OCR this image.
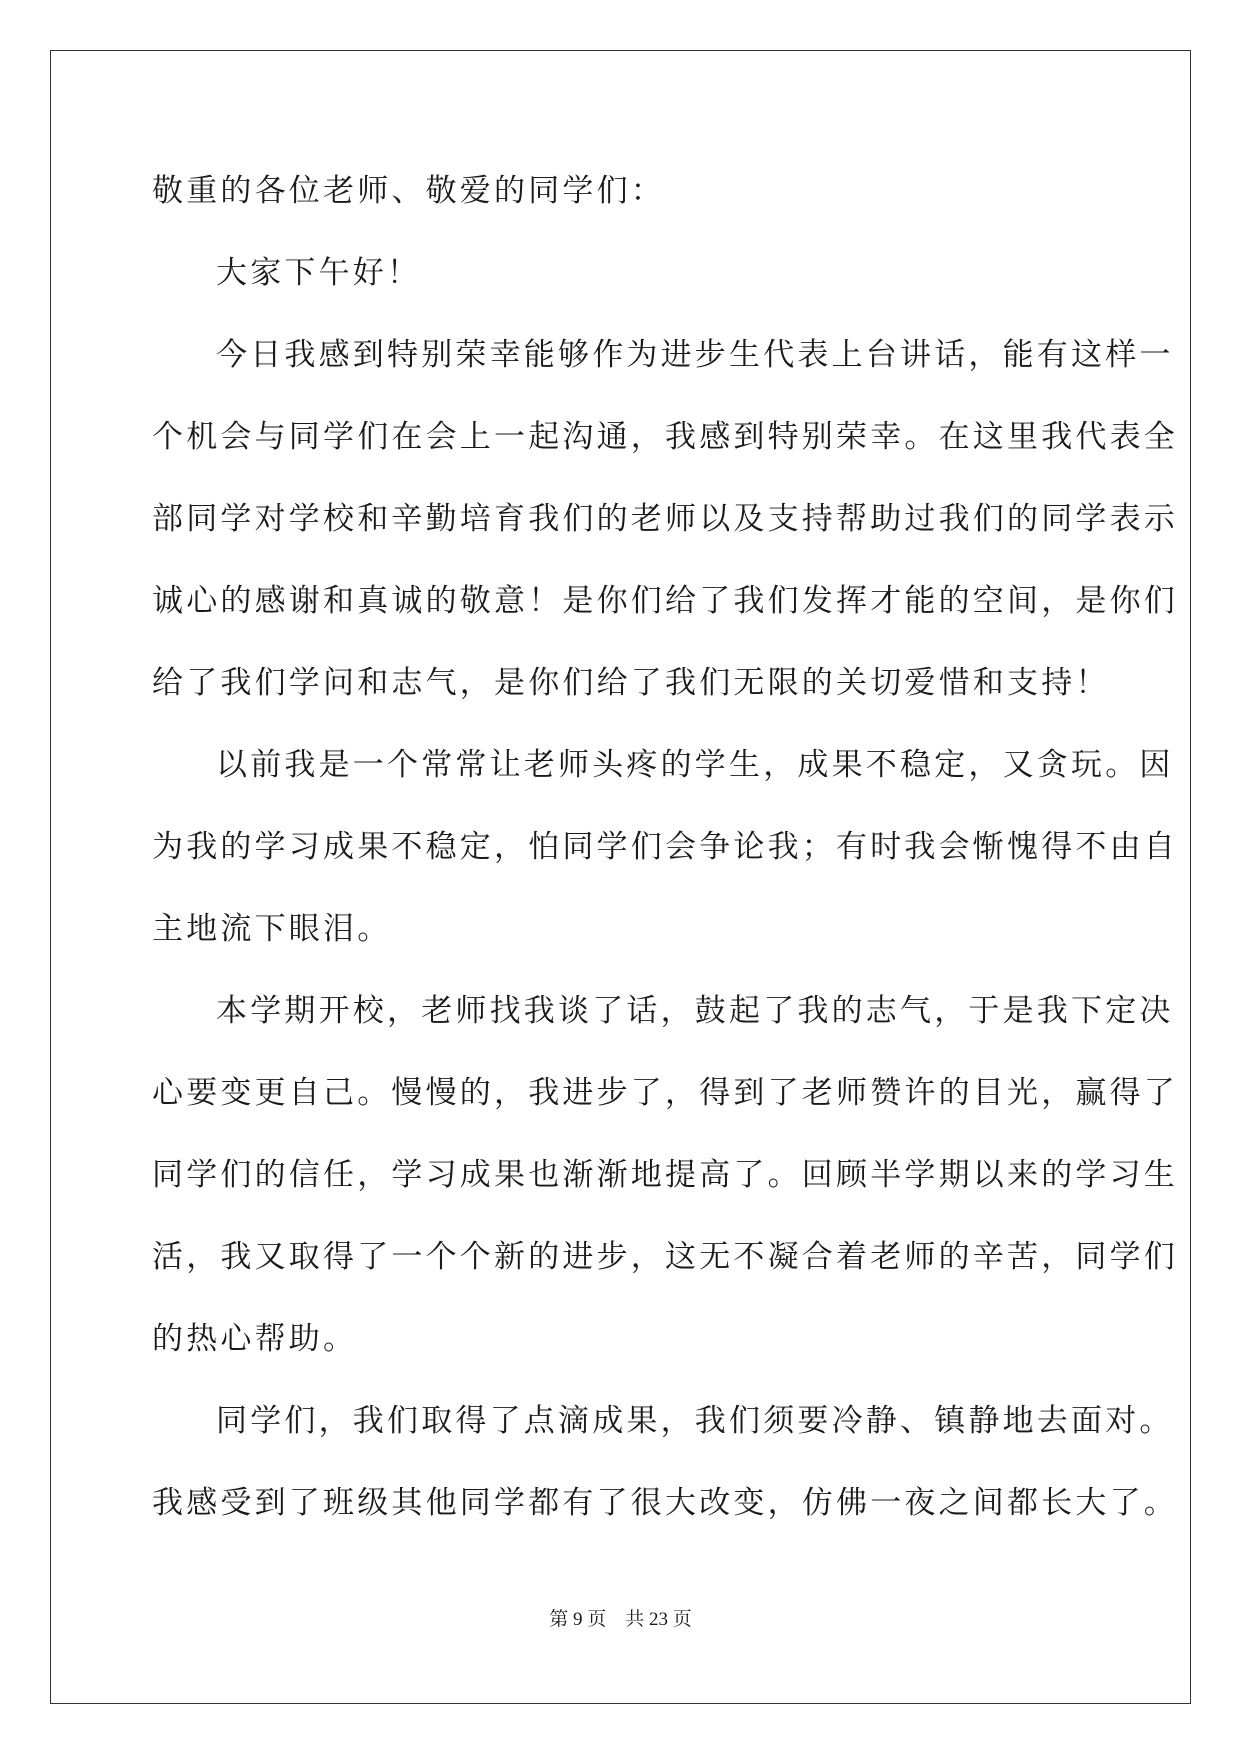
敬重的各位老师、敬爱的同学们：
大家下午好！
今日我感到特别荣幸能够作为进步生代表上台讲话，能有这样一
个机会与同学们在会上一起沟通，我感到特别荣幸。在这里我代表全
部同学对学校和辛勤培育我们的老师以及支持帮助过我们的同学表示
诚心的感谢和真诚的敬意！是你们给了我们发挥才能的空间，是你们
给了我们学问和志气，是你们给了我们无限的关切爱惜和支持！
以前我是一个常常让老师头疼的学生，成果不稳定，又贪玩。因
为我的学习成果不稳定，怕同学们会争论我；有时我会惭愧得不由自
主地流下眼泪。
本学期开校，老师找我谈了话，鼓起了我的志气，于是我下定决
心要变更自己。慢慢的，我进步了，得到了老师赞许的目光，赢得了
同学们的信任，学习成果也渐渐地提高了。回顾半学期以来的学习生
活，我又取得了一个个新的进步，这无不凝合着老师的辛苦，同学们
的热心帮助。
同学们，我们取得了点滴成果，我们须要冷静、镇静地去面对。
我感受到了班级其他同学都有了很大改变，仿佛一夜之间都长大了。
第 9 页 共 23 页
